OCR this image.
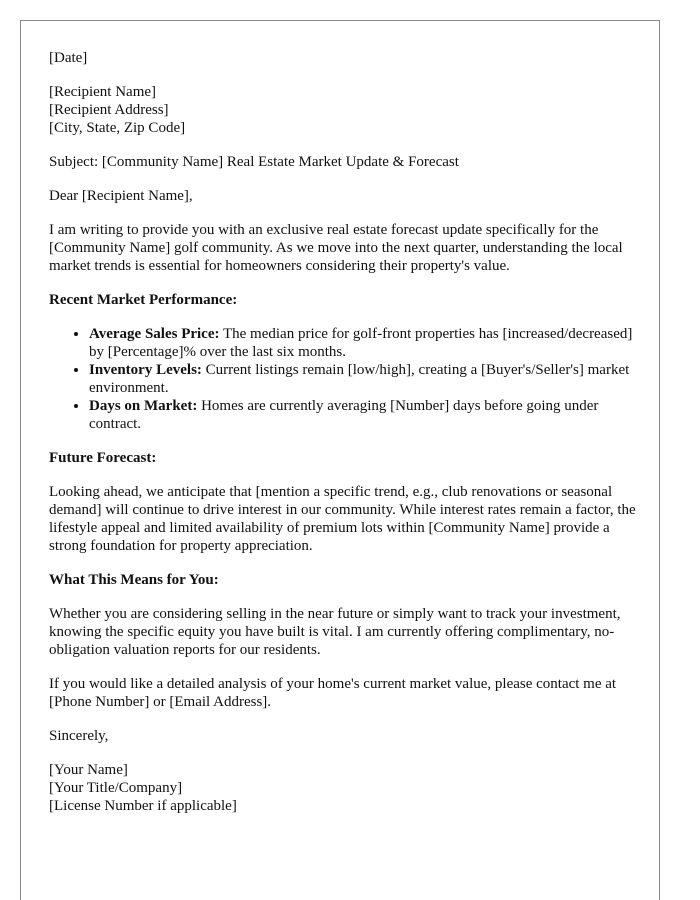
[Date]

[Recipient Name]
[Recipient Address]
[City, State, Zip Code]

Subject: [Community Name] Real Estate Market Update & Forecast

Dear [Recipient Name],

I am writing to provide you with an exclusive real estate forecast update specifically for the [Community Name] golf community. As we move into the next quarter, understanding the local market trends is essential for homeowners considering their property's value.

Recent Market Performance:

• Average Sales Price: The median price for golf-front properties has [increased/decreased] by [Percentage]% over the last six months.
• Inventory Levels: Current listings remain [low/high], creating a [Buyer's/Seller's] market environment.
• Days on Market: Homes are currently averaging [Number] days before going under contract.

Future Forecast:

Looking ahead, we anticipate that [mention a specific trend, e.g., club renovations or seasonal demand] will continue to drive interest in our community. While interest rates remain a factor, the lifestyle appeal and limited availability of premium lots within [Community Name] provide a strong foundation for property appreciation.

What This Means for You:

Whether you are considering selling in the near future or simply want to track your investment, knowing the specific equity you have built is vital. I am currently offering complimentary, no-obligation valuation reports for our residents.

If you would like a detailed analysis of your home's current market value, please contact me at [Phone Number] or [Email Address].

Sincerely,

[Your Name]
[Your Title/Company]
[License Number if applicable]
